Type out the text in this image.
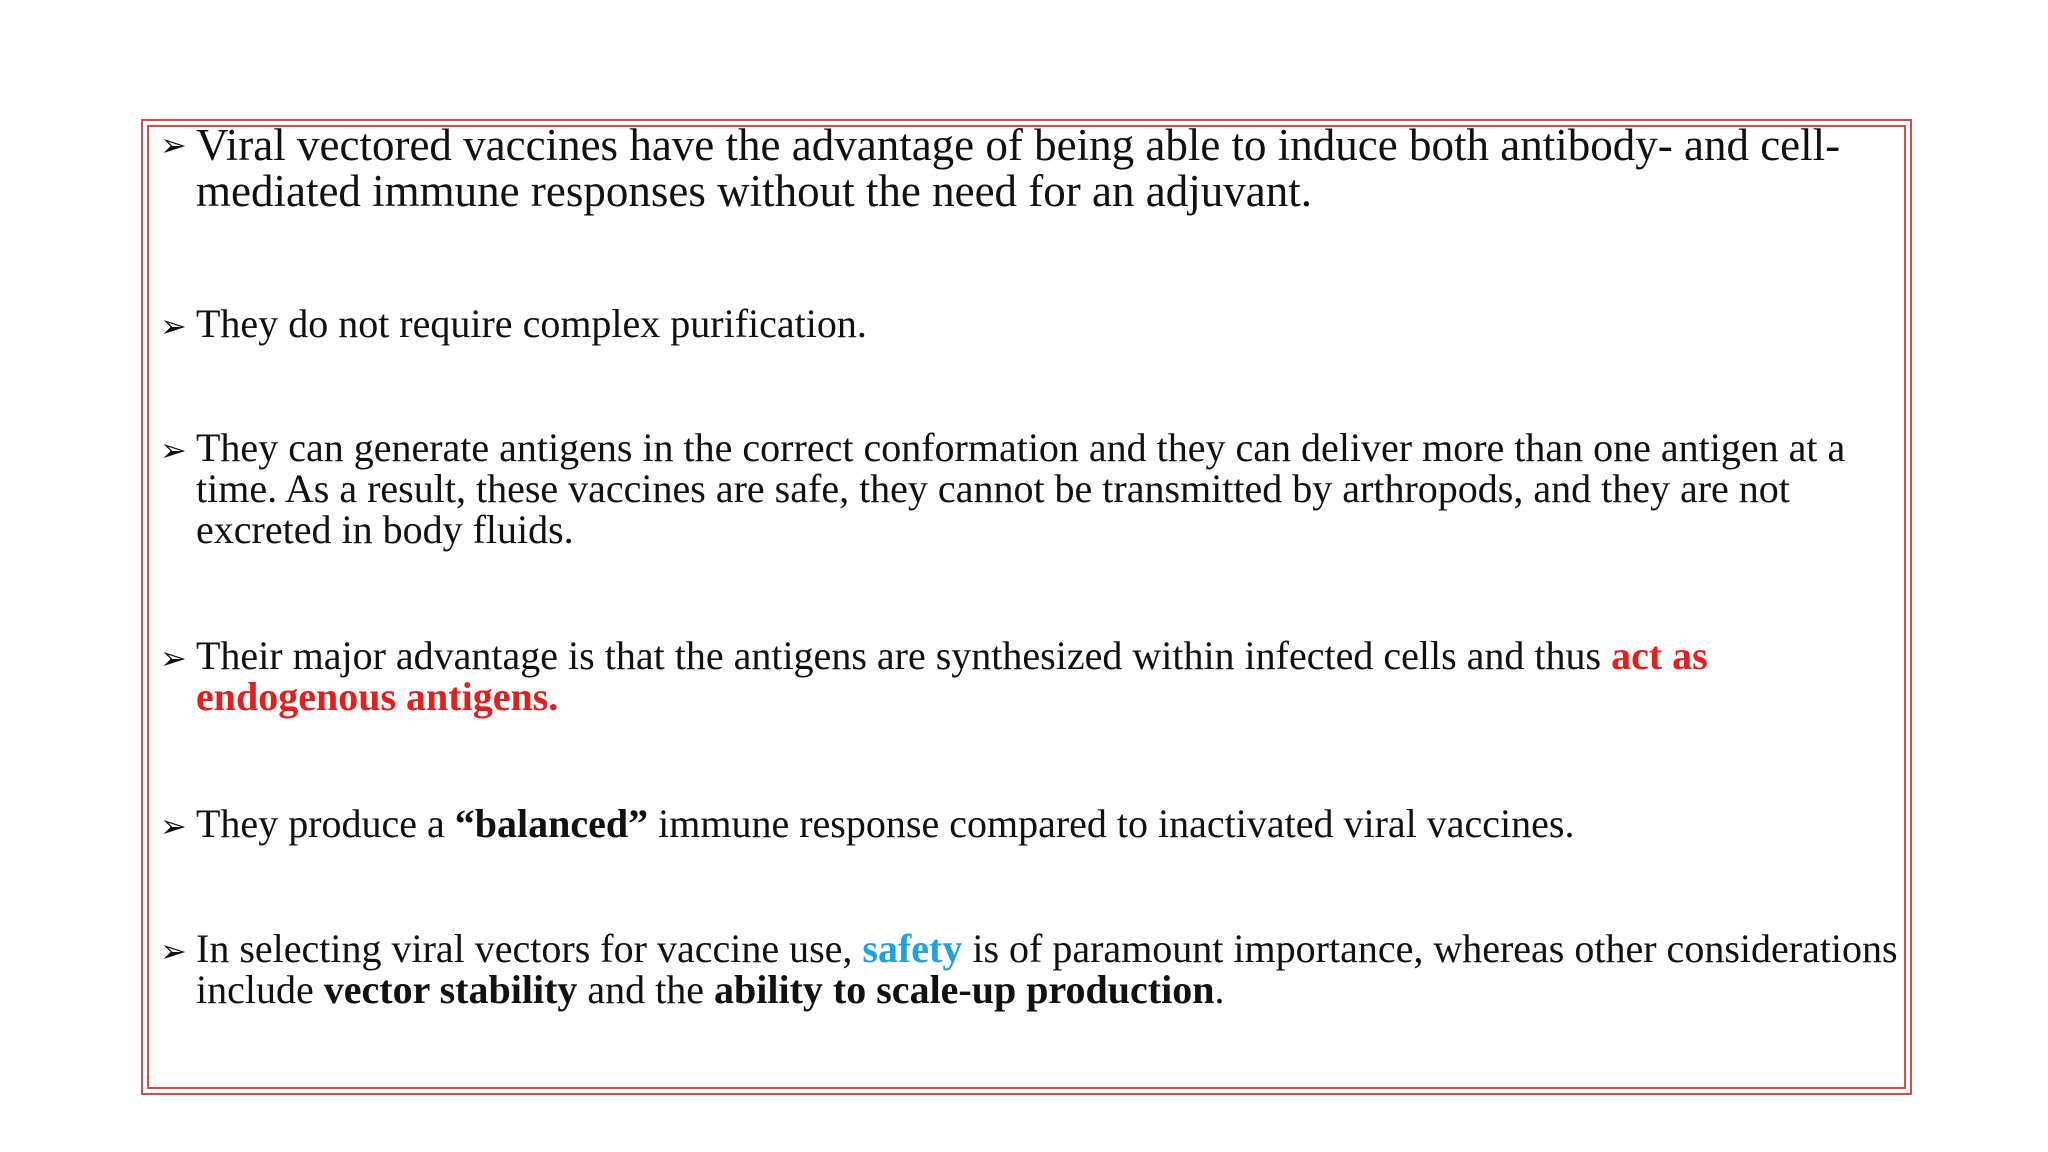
➢ Viral vectored vaccines have the advantage of being able to induce both antibody- and cell- mediated immune responses without the need for an adjuvant.
➢ They do not require complex purification.
➢ They can generate antigens in the correct conformation and they can deliver more than one antigen at a time. As a result, these vaccines are safe, they cannot be transmitted by arthropods, and they are not excreted in body fluids.
➢ Their major advantage is that the antigens are synthesized within infected cells and thus act as endogenous antigens.
➢ They produce a “balanced” immune response compared to inactivated viral vaccines.
➢ In selecting viral vectors for vaccine use, safety is of paramount importance, whereas other considerations include vector stability and the ability to scale-up production.
